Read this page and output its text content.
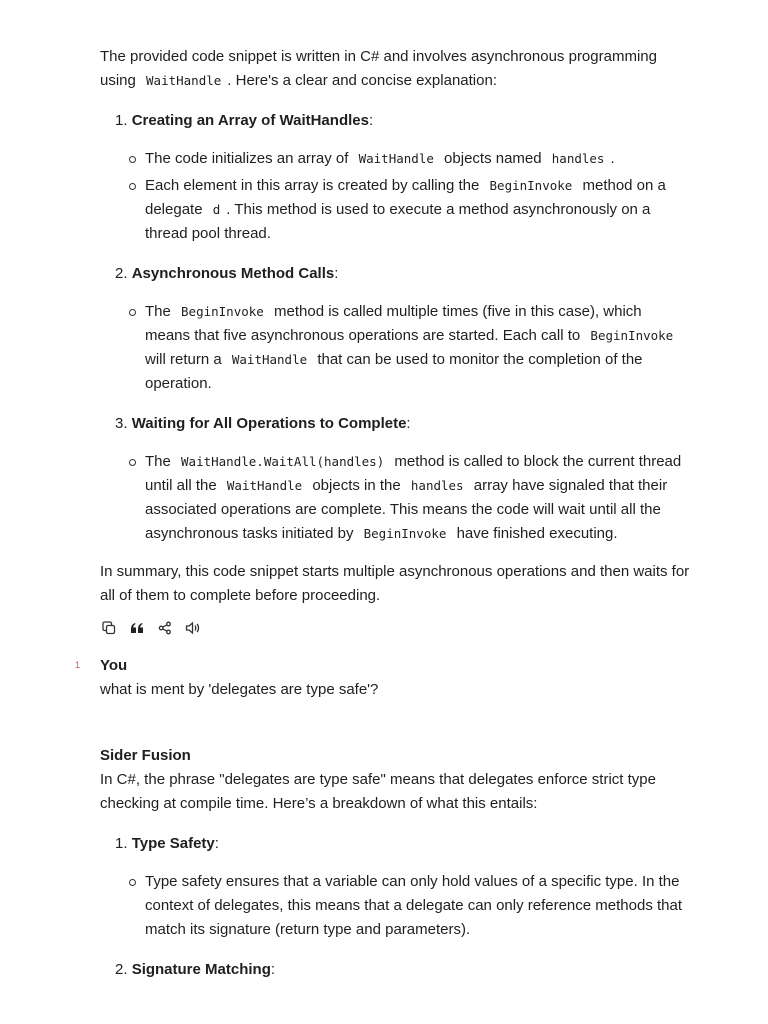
The provided code snippet is written in C# and involves asynchronous programming using WaitHandle . Here's a clear and concise explanation:

1. Creating an Array of WaitHandles:
The code initializes an array of WaitHandle objects named handles .
Each element in this array is created by calling the BeginInvoke method on a delegate d . This method is used to execute a method asynchronously on a thread pool thread.
2. Asynchronous Method Calls:
The BeginInvoke method is called multiple times (five in this case), which means that five asynchronous operations are started. Each call to BeginInvoke will return a WaitHandle that can be used to monitor the completion of the operation.
3. Waiting for All Operations to Complete:
The WaitHandle.WaitAll(handles) method is called to block the current thread until all the WaitHandle objects in the handles array have signaled that their associated operations are complete. This means the code will wait until all the asynchronous tasks initiated by BeginInvoke have finished executing.

In summary, this code snippet starts multiple asynchronous operations and then waits for all of them to complete before proceeding.

1 You

what is ment by 'delegates are type safe'?

Sider Fusion

In C#, the phrase "delegates are type safe" means that delegates enforce strict type checking at compile time. Here’s a breakdown of what this entails:

1. Type Safety:
Type safety ensures that a variable can only hold values of a specific type. In the context of delegates, this means that a delegate can only reference methods that match its signature (return type and parameters).
2. Signature Matching:
